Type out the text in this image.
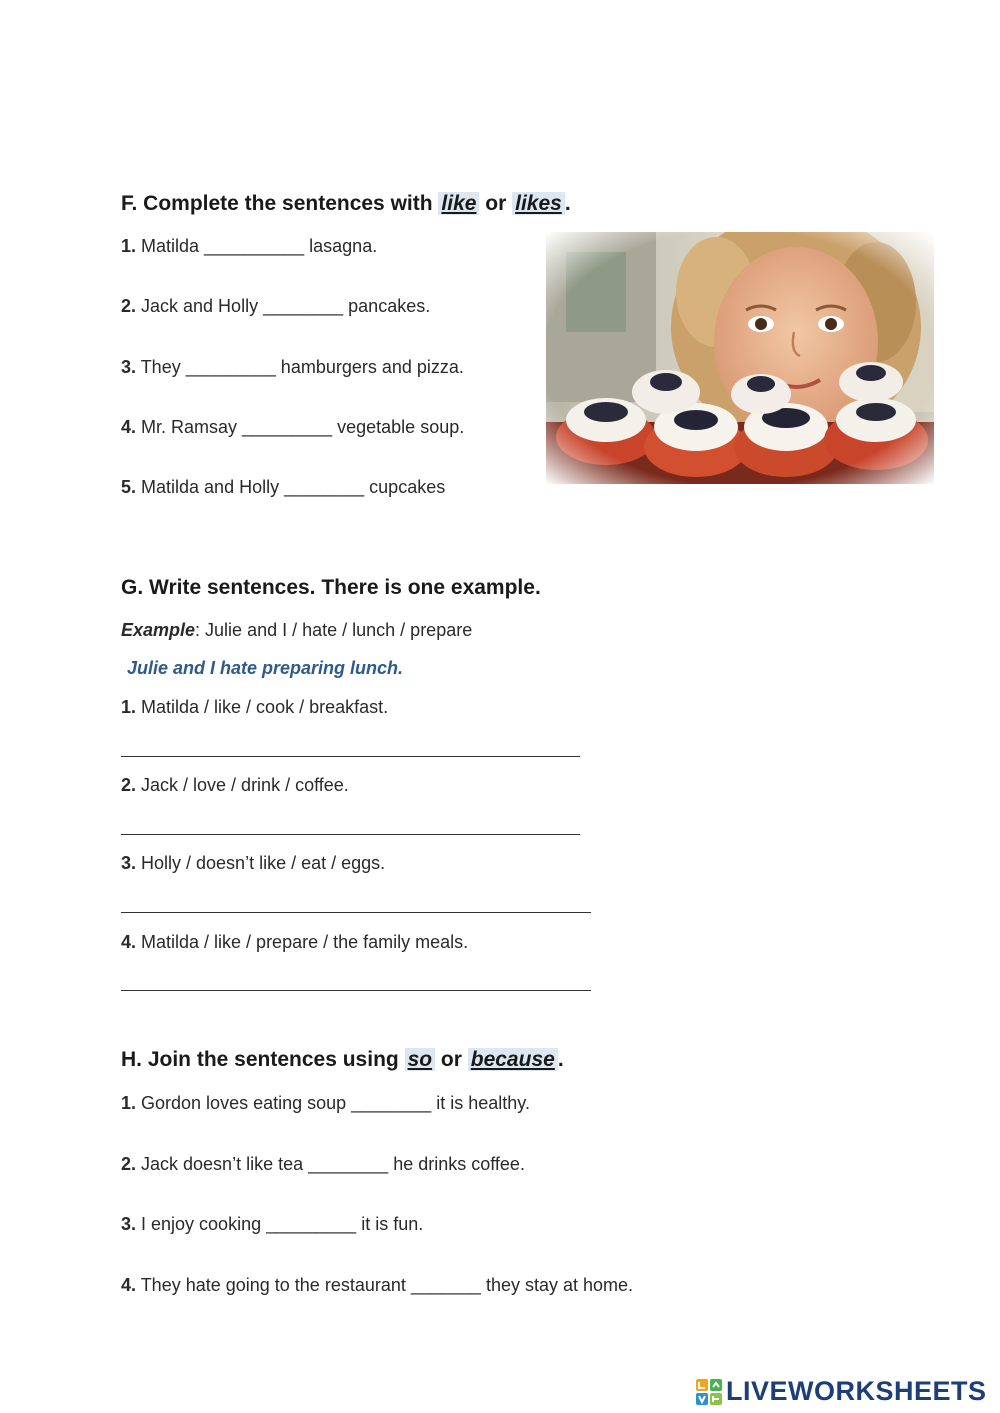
F. Complete the sentences with like or likes .
1. Matilda __________ lasagna.
2. Jack and Holly ________ pancakes.
3. They _________ hamburgers and pizza.
4. Mr. Ramsay _________ vegetable soup.
5. Matilda and Holly ________ cupcakes
G. Write sentences. There is one example.
Example: Julie and I / hate / lunch / prepare
Julie and I hate preparing lunch.
1. Matilda / like / cook / breakfast.
2. Jack / love / drink / coffee.
3. Holly / doesn’t like / eat / eggs.
4. Matilda / like / prepare / the family meals.
H. Join the sentences using so or because .
1. Gordon loves eating soup ________ it is healthy.
2. Jack doesn’t like tea ________ he drinks coffee.
3. I enjoy cooking _________ it is fun.
4. They hate going to the restaurant _______ they stay at home.
LIVEWORKSHEETS
